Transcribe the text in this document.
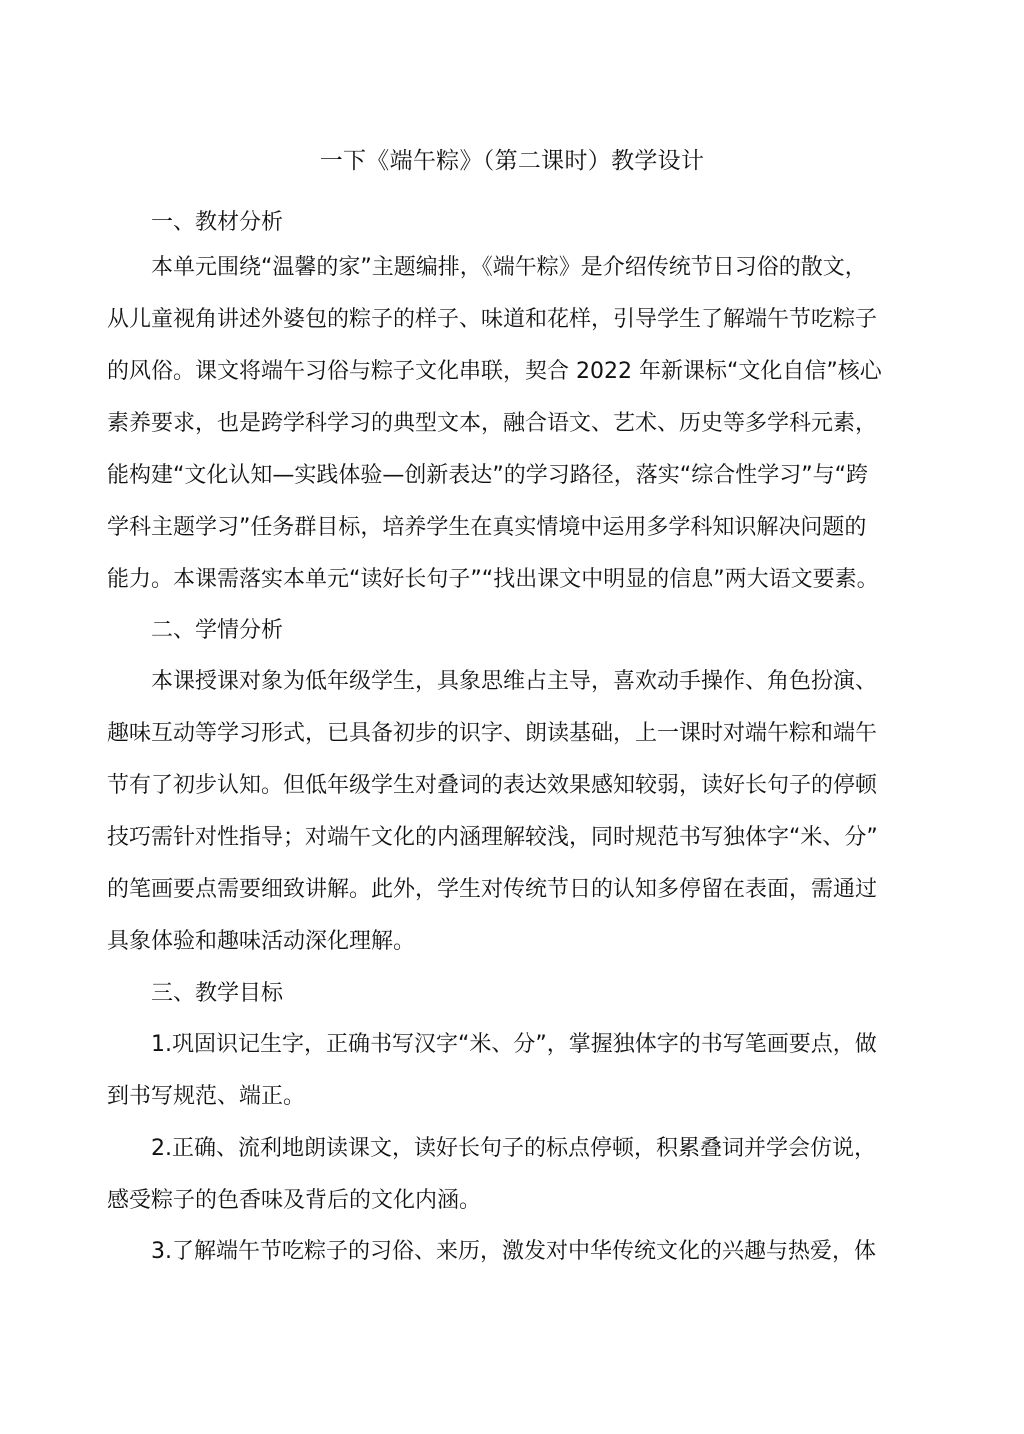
一下《端午粽》（第二课时）教学设计
一、教材分析
本单元围绕“温馨的家”主题编排，《端午粽》是介绍传统节日习俗的散文，
从儿童视角讲述外婆包的粽子的样子、味道和花样，引导学生了解端午节吃粽子
的风俗。课文将端午习俗与粽子文化串联，契合 2022 年新课标“文化自信”核心
素养要求，也是跨学科学习的典型文本，融合语文、艺术、历史等多学科元素，
能构建“文化认知—实践体验—创新表达”的学习路径，落实“综合性学习”与“跨
学科主题学习”任务群目标，培养学生在真实情境中运用多学科知识解决问题的
能力。本课需落实本单元“读好长句子”“找出课文中明显的信息”两大语文要素。
二、学情分析
本课授课对象为低年级学生，具象思维占主导，喜欢动手操作、角色扮演、
趣味互动等学习形式，已具备初步的识字、朗读基础，上一课时对端午粽和端午
节有了初步认知。但低年级学生对叠词的表达效果感知较弱，读好长句子的停顿
技巧需针对性指导；对端午文化的内涵理解较浅，同时规范书写独体字“米、分”
的笔画要点需要细致讲解。此外，学生对传统节日的认知多停留在表面，需通过
具象体验和趣味活动深化理解。
三、教学目标
1.巩固识记生字，正确书写汉字“米、分”，掌握独体字的书写笔画要点，做
到书写规范、端正。
2.正确、流利地朗读课文，读好长句子的标点停顿，积累叠词并学会仿说，
感受粽子的色香味及背后的文化内涵。
3.了解端午节吃粽子的习俗、来历，激发对中华传统文化的兴趣与热爱，体
